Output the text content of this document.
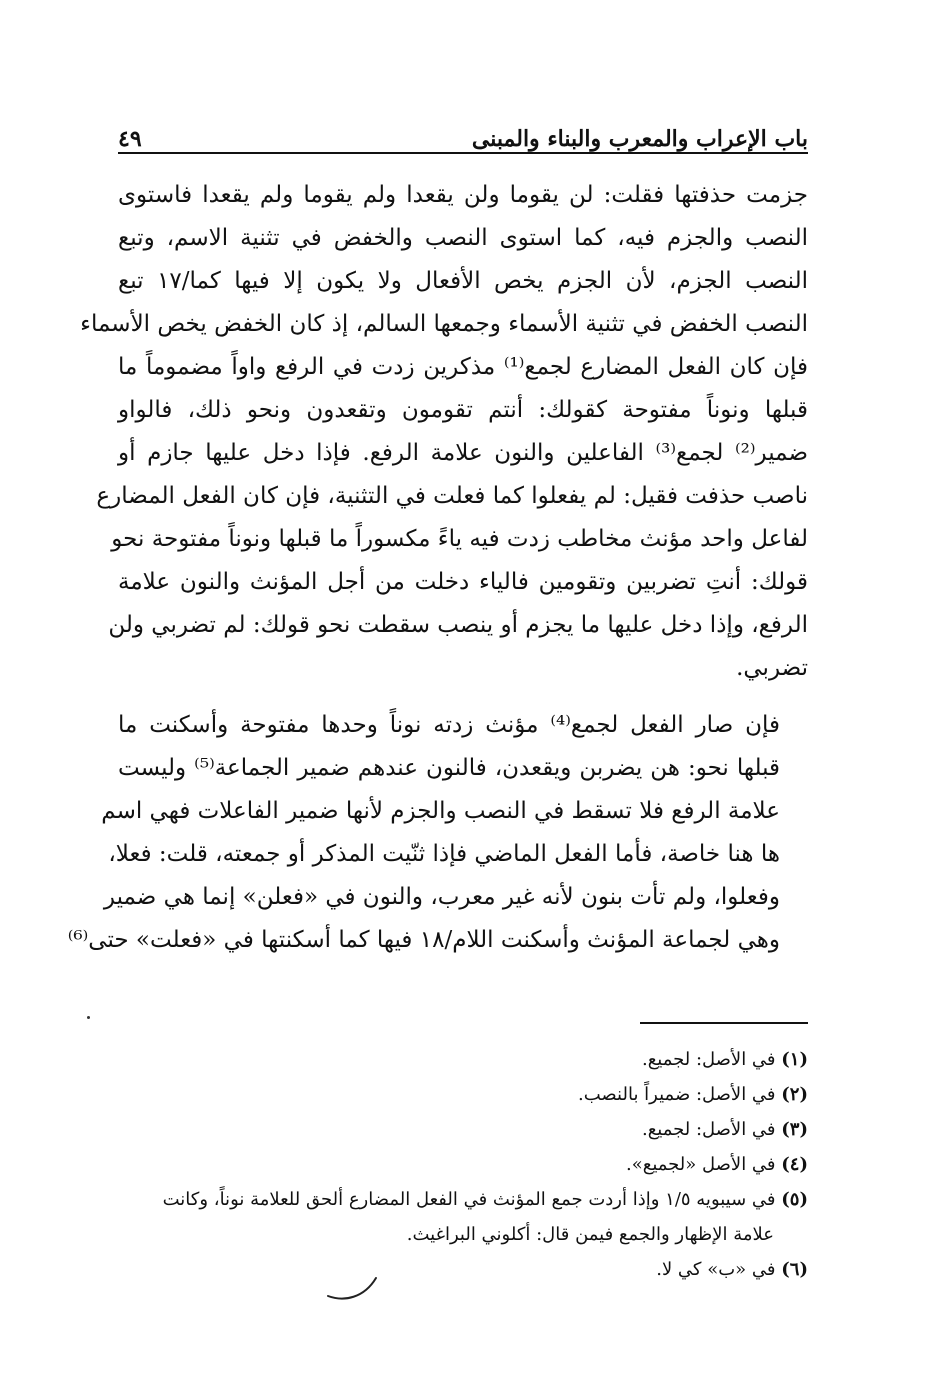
باب الإعراب والمعرب والبناء والمبنى
٤٩

جزمت حذفتها فقلت: لن يقوما ولن يقعدا ولم يقوما ولم يقعدا فاستوى
النصب والجزم فيه، كما استوى النصب والخفض في تثنية الاسم، وتبع
النصب الجزم، لأن الجزم يخص الأفعال ولا يكون إلا فيها كما/١٧ تبع
النصب الخفض في تثنية الأسماء وجمعها السالم، إذ كان الخفض يخص الأسماء
فإن كان الفعل المضارع لجمع⁽¹⁾ مذكرين زدت في الرفع واواً مضموماً ما
قبلها ونوناً مفتوحة كقولك: أنتم تقومون وتقعدون ونحو ذلك، فالواو
ضمير⁽²⁾ لجمع⁽³⁾ الفاعلين والنون علامة الرفع. فإذا دخل عليها جازم أو
ناصب حذفت فقيل: لم يفعلوا كما فعلت في التثنية، فإن كان الفعل المضارع
لفاعل واحد مؤنث مخاطب زدت فيه ياءً مكسوراً ما قبلها ونوناً مفتوحة نحو
قولك: أنتِ تضربين وتقومين فالياء دخلت من أجل المؤنث والنون علامة
الرفع، وإذا دخل عليها ما يجزم أو ينصب سقطت نحو قولك: لم تضربي ولن
تضربي.

فإن صار الفعل لجمع⁽⁴⁾ مؤنث زدته نوناً وحدها مفتوحة وأسكنت ما
قبلها نحو: هن يضربن ويقعدن، فالنون عندهم ضمير الجماعة⁽⁵⁾ وليست
علامة الرفع فلا تسقط في النصب والجزم لأنها ضمير الفاعلات فهي اسم
ها هنا خاصة، فأما الفعل الماضي فإذا ثنّيت المذكر أو جمعته، قلت: فعلا،
وفعلوا، ولم تأت بنون لأنه غير معرب، والنون في «فعلن» إنما هي ضمير
وهي لجماعة المؤنث وأسكنت اللام/١٨ فيها كما أسكنتها في «فعلت» حتى⁽⁶⁾

(١) في الأصل: لجميع.
(٢) في الأصل: ضميراً بالنصب.
(٣) في الأصل: لجميع.
(٤) في الأصل «لجميع».
(٥) في سيبويه ١/٥ وإذا أردت جمع المؤنث في الفعل المضارع ألحق للعلامة نوناً، وكانت
علامة الإظهار والجمع فيمن قال: أكلوني البراغيث.
(٦) في «ب» كي لا.
